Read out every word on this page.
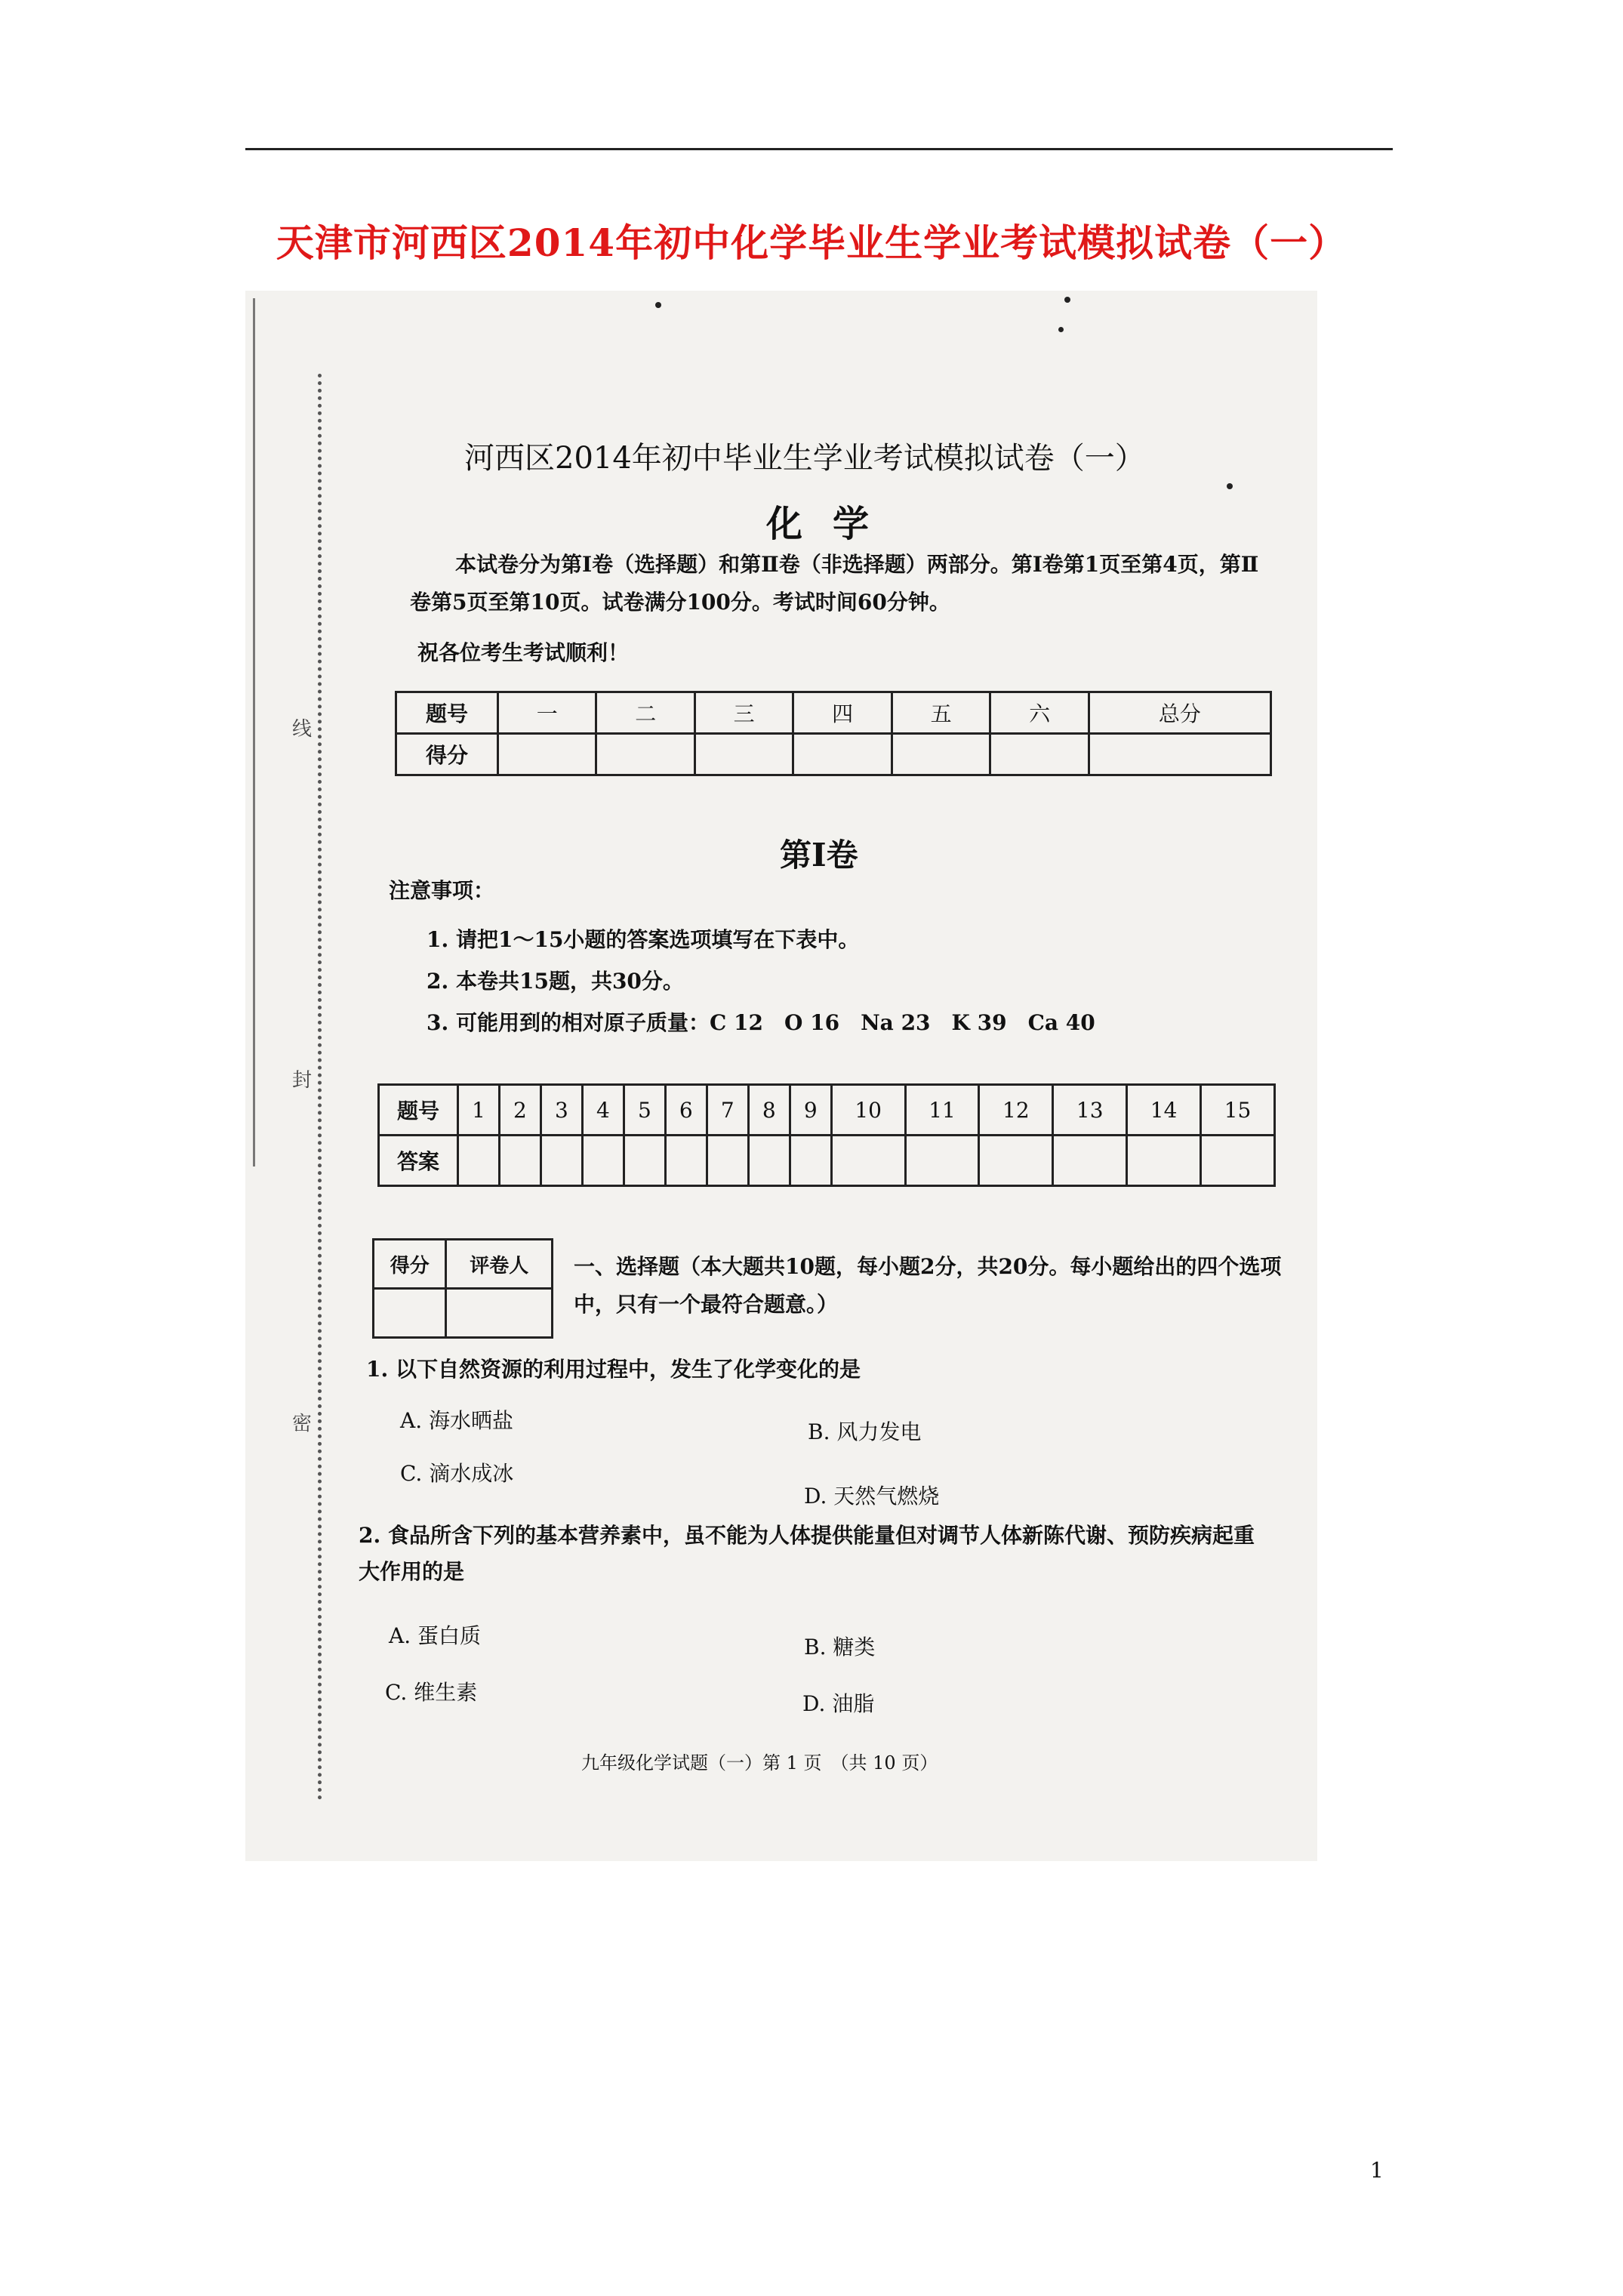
天津市河西区2014年初中化学毕业生学业考试模拟试卷（一）
线
封
密
河西区2014年初中毕业生学业考试模拟试卷（一）
化学
本试卷分为第Ⅰ卷（选择题）和第Ⅱ卷（非选择题）两部分。第Ⅰ卷第1页至第4页，第Ⅱ卷第5页至第10页。试卷满分100分。考试时间60分钟。
祝各位考生考试顺利！
题号	一	二	三	四	五	六	总分
得分							
第Ⅰ卷
注意事项：
1. 请把1～15小题的答案选项填写在下表中。
2. 本卷共15题，共30分。
3. 可能用到的相对原子质量：C 12　O 16　Na 23　K 39　Ca 40
题号	1	2	3	4	5	6	7	8	9	10	11	12	13	14	15
答案															
得分	评卷人
	一、选择题（本大题共10题，每小题2分，共20分。每小题给出的四个选项中，只有一个最符合题意。）
1. 以下自然资源的利用过程中，发生了化学变化的是
A. 海水晒盐	B. 风力发电
C. 滴水成冰
D. 天然气燃烧
2. 食品所含下列的基本营养素中，虽不能为人体提供能量但对调节人体新陈代谢、预防疾病起重大作用的是
A. 蛋白质	B. 糖类
C. 维生素	D. 油脂
九年级化学试题（一）第 1 页　（共 10 页）
1
